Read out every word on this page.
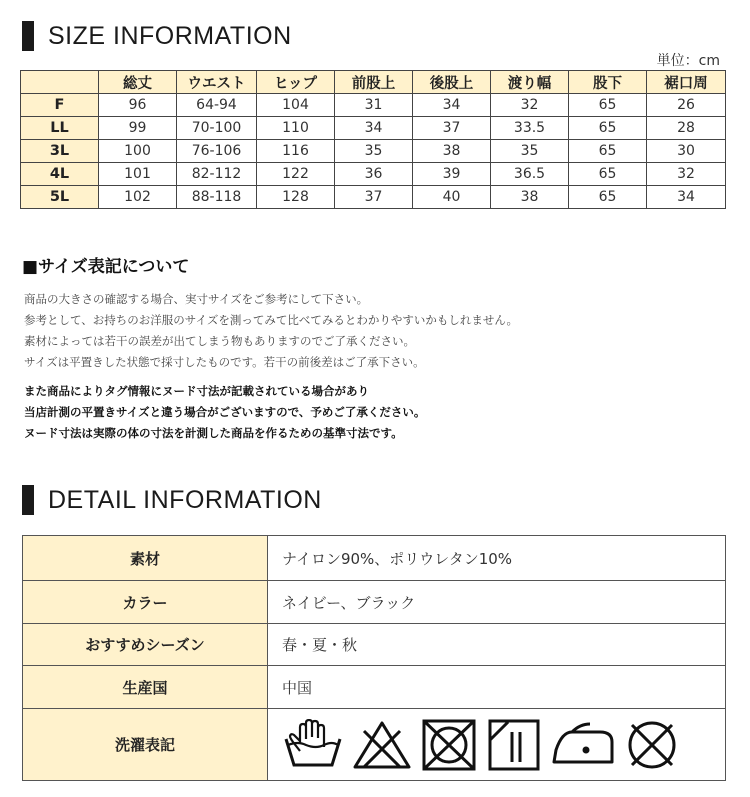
SIZE INFORMATION
単位：cm
	総丈	ウエスト	ヒップ	前股上	後股上	渡り幅	股下	裾口周
F	96	64-94	104	31	34	32	65	26
LL	99	70-100	110	34	37	33.5	65	28
3L	100	76-106	116	35	38	35	65	30
4L	101	82-112	122	36	39	36.5	65	32
5L	102	88-118	128	37	40	38	65	34
■サイズ表記について
商品の大きさの確認する場合、実寸サイズをご参考にして下さい。
参考として、お持ちのお洋服のサイズを測ってみて比べてみるとわかりやすいかもしれません。
素材によっては若干の誤差が出てしまう物もありますのでご了承ください。
サイズは平置きした状態で採寸したものです。若干の前後差はご了承下さい。
また商品によりタグ情報にヌード寸法が記載されている場合があり
当店計測の平置きサイズと違う場合がございますので、予めご了承ください。
ヌード寸法は実際の体の寸法を計測した商品を作るための基準寸法です。
DETAIL INFORMATION
素材	ナイロン90%、ポリウレタン10%
カラー	ネイビー、ブラック
おすすめシーズン	春・夏・秋
生産国	中国
洗濯表記	
